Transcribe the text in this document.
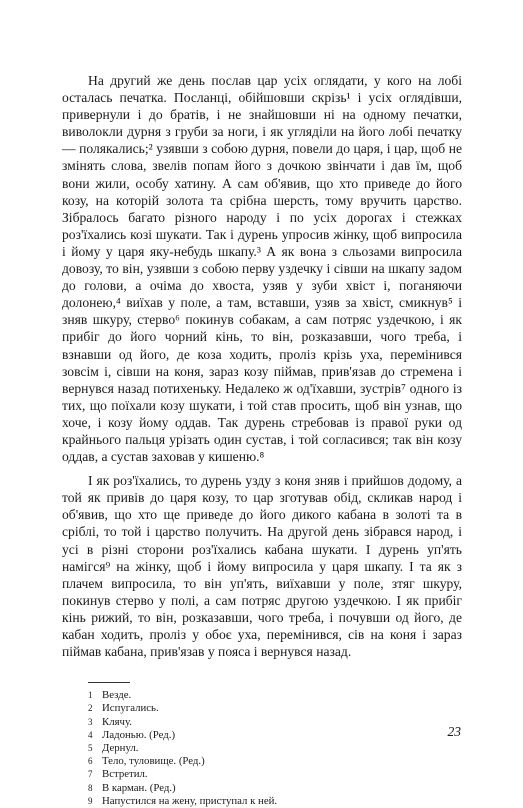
На другий же день послав цар усіх оглядати, у кого на лобі осталась печатка. Посланці, обійшовши скрізь¹ і усіх оглядівши, привернули і до братів, і не знайшовши ні на одному печатки, виволокли дурня з груби за ноги, і як угляділи на його лобі печатку — полякались;² узявши з собою дурня, повели до царя, і цар, щоб не змінять слова, звелів попам його з дочкою звінчати і дав їм, щоб вони жили, особу хатину. А сам об'явив, що хто приведе до його козу, на которій золота та срібна шерсть, тому вручить царство. Зібралось багато різного народу і по усіх дорогах і стежках роз'їхались козі шукати. Так і дурень упросив жінку, щоб випросила і йому у царя яку-небудь шкапу.³ А як вона з сльозами випросила довозу, то він, узявши з собою перву уздечку і сівши на шкапу задом до голови, а очіма до хвоста, узяв у зуби хвіст і, поганяючи долонею,⁴ виїхав у поле, а там, вставши, узяв за хвіст, смикнув⁵ і зняв шкуру, стерво⁶ покинув собакам, а сам потряс уздечкою, і як прибіг до його чорний кінь, то він, розказавши, чого треба, і взнавши од його, де коза ходить, проліз крізь уха, перемінився зовсім і, сівши на коня, зараз козу піймав, прив'язав до стремена і вернувся назад потихеньку. Недалеко ж од'їхавши, зустрів⁷ одного із тих, що поїхали козу шукати, і той став просить, щоб він узнав, що хоче, і козу йому оддав. Так дурень стребовав із правої руки од крайнього пальця урізать один сустав, і той согласився; так він козу оддав, а сустав заховав у кишеню.⁸

І як роз'їхались, то дурень узду з коня зняв і прийшов додому, а той як привів до царя козу, то цар зготував обід, скликав народ і об'явив, що хто ще приведе до його дикого кабана в золоті та в сріблі, то той і царство получить. На другой день зібрався народ, і усі в різні сторони роз'їхались кабана шукати. І дурень уп'ять намігся⁹ на жінку, щоб і йому випросила у царя шкапу. І та як з плачем випросила, то він уп'ять, виїхавши у поле, зтяг шкуру, покинув стерво у полі, а сам потряс другою уздечкою. І як прибіг кінь рижий, то він, розказавши, чого треба, і почувши од його, де кабан ходить, проліз у обоє уха, перемінився, сів на коня і зараз піймав кабана, прив'язав у пояса і вернувся назад.

1 Везде.
2 Испугались.
3 Клячу.
4 Ладонью. (Ред.)
5 Дернул.
6 Тело, туловище. (Ред.)
7 Встретил.
8 В карман. (Ред.)
9 Напустился на жену, приступал к ней.
23
